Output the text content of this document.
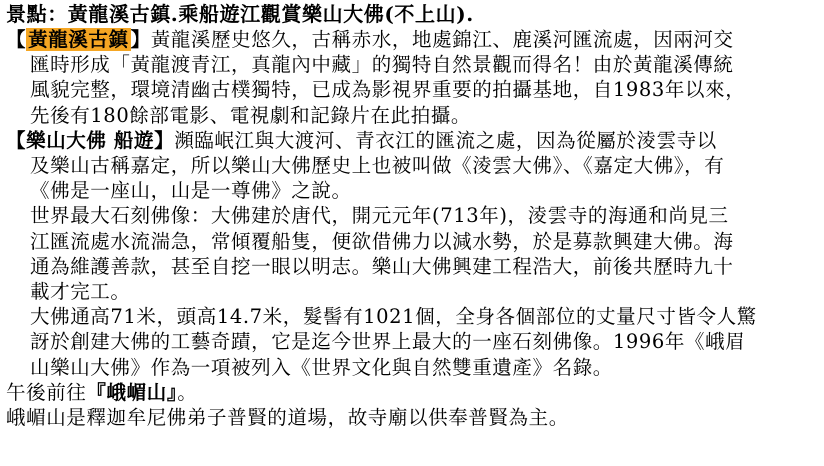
景點：黃龍溪古鎮.乘船遊江觀賞樂山大佛(不上山).
【 黃龍溪古鎮 】黃龍溪歷史悠久，古稱赤水，地處錦江、鹿溪河匯流處，因兩河交
匯時形成「黃龍渡青江，真龍內中藏」的獨特自然景觀而得名！由於黃龍溪傳統
風貌完整，環境清幽古樸獨特，已成為影視界重要的拍攝基地，自1983年以來，
先後有180餘部電影、電視劇和記錄片在此拍攝。
【樂山大佛 船遊】瀕臨岷江與大渡河、青衣江的匯流之處，因為從屬於淩雲寺以
及樂山古稱嘉定，所以樂山大佛歷史上也被叫做《淩雲大佛》、《嘉定大佛》，有
《佛是一座山，山是一尊佛》之說。
世界最大石刻佛像：大佛建於唐代，開元元年(713年)，淩雲寺的海通和尚見三
江匯流處水流湍急，常傾覆船隻，便欲借佛力以減水勢，於是募款興建大佛。海
通為維護善款，甚至自挖一眼以明志。樂山大佛興建工程浩大，前後共歷時九十
載才完工。
大佛通高71米，頭高14.7米，髮髻有1021個，全身各個部位的丈量尺寸皆令人驚
訝於創建大佛的工藝奇蹟，它是迄今世界上最大的一座石刻佛像。1996年《峨眉
山樂山大佛》作為一項被列入《世界文化與自然雙重遺產》名錄。
午後前往『峨嵋山』。
峨嵋山是釋迦牟尼佛弟子普賢的道場，故寺廟以供奉普賢為主。
